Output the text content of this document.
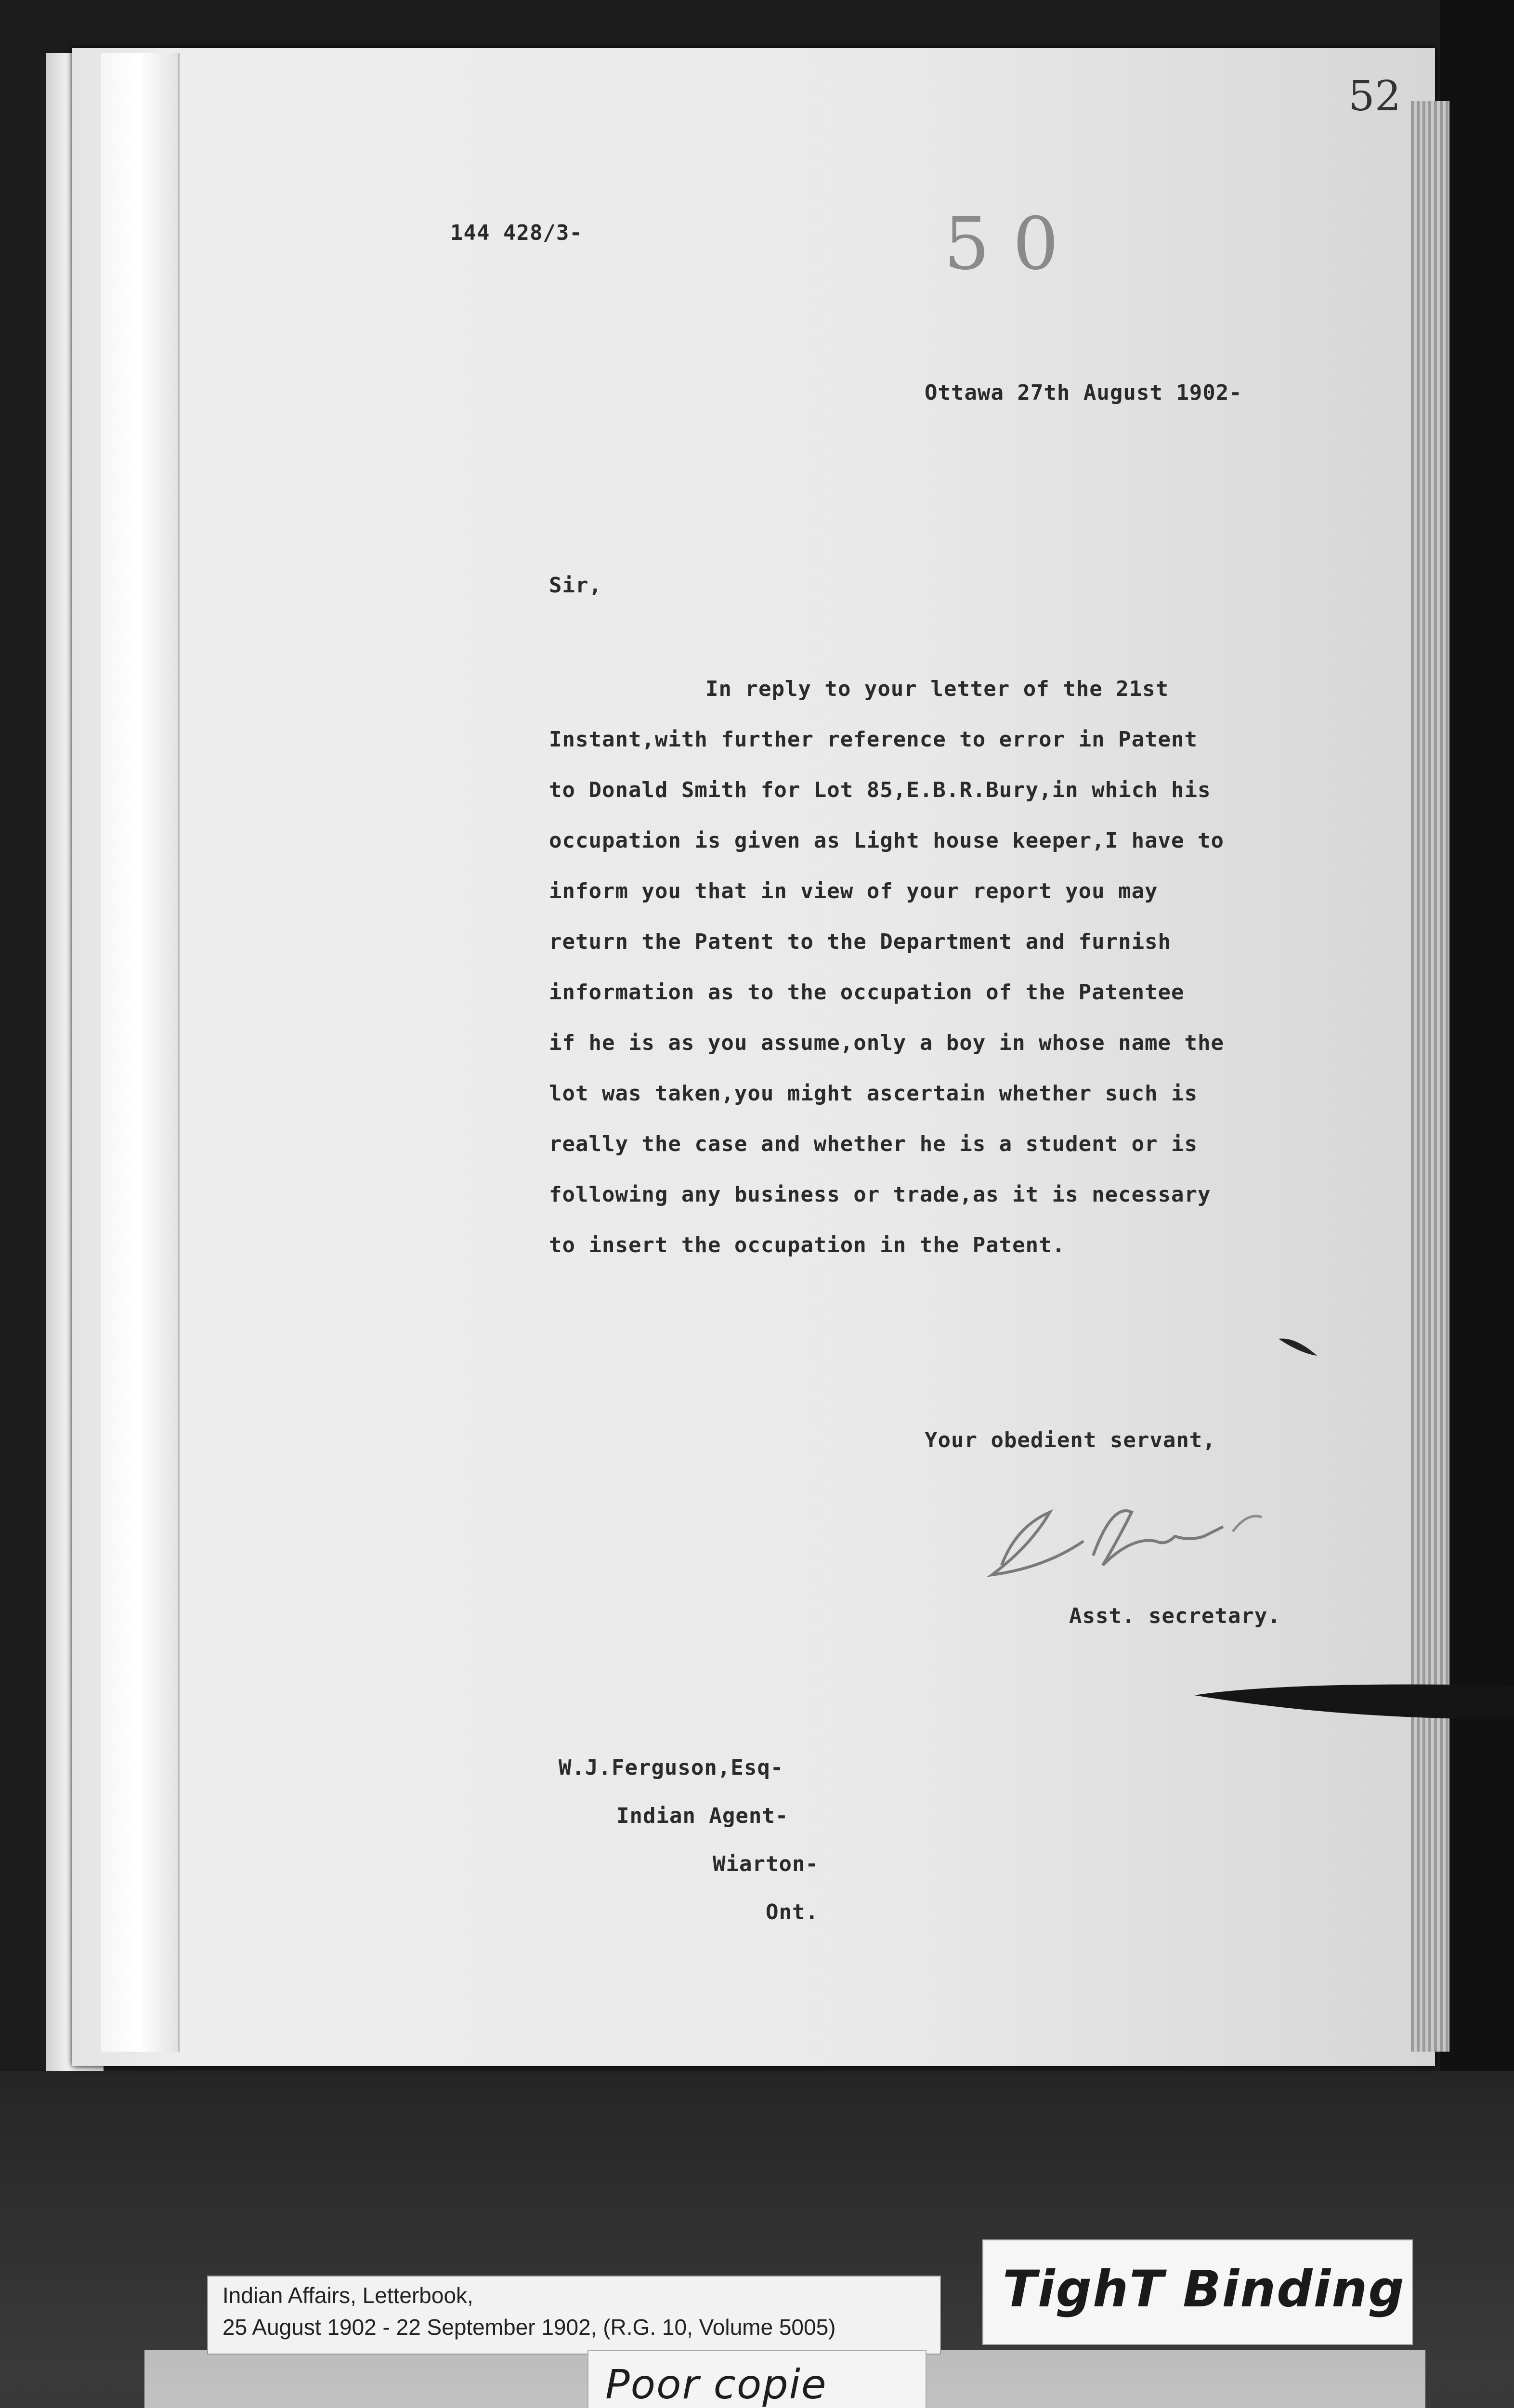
52
144 428/3-	5 0
Ottawa 27th August 1902-
Sir,
In reply to your letter of the 21st
Instant,with further reference to error in Patent
to Donald Smith for Lot 85,E.B.R.Bury,in which his
occupation is given as Light house keeper,I have to
inform you that in view of your report you may
return the Patent to the Department and furnish
information as to the occupation of the Patentee
if he is as you assume,only a boy in whose name the
lot was taken,you might ascertain whether such is
really the case and whether he is a student or is
following any business or trade,as it is necessary
to insert the occupation in the Patent.
Your obedient servant,
Asst. secretary.
W.J.Ferguson,Esq-
Indian Agent-
Wiarton-
Ont.
Indian Affairs, Letterbook,
25 August 1902 - 22 September 1902, (R.G. 10, Volume 5005)
TighT Binding
Poor copie
